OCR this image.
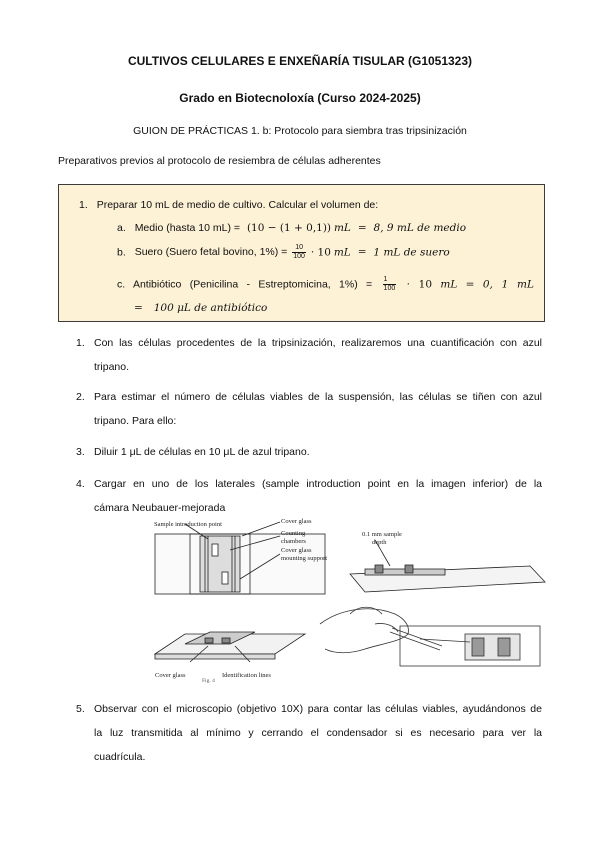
CULTIVOS CELULARES E ENXEÑARÍA TISULAR (G1051323)
Grado en Biotecnoloxía (Curso 2024-2025)
GUION DE PRÁCTICAS 1. b: Protocolo para siembra tras tripsinización
Preparativos previos al protocolo de resiembra de células adherentes
1. Preparar 10 mL de medio de cultivo. Calcular el volumen de:
a. Medio (hasta 10 mL) = (10 − (1 + 0,1)) mL = 8, 9 mL de medio
b. Suero (Suero fetal bovino, $1\%) = \frac{10}{100} \cdot 10$ mL = 1 mL de suero
c. Antibiótico (Penicilina - Estreptomicina, $1\%) = \frac{1}{100} \cdot 10$ mL = 0, 1 mL
= 100 μL de antibiótico
1. Con las células procedentes de la tripsinización, realizaremos una cuantificación con azul
tripano.
2. Para estimar el número de células viables de la suspensión, las células se tiñen con azul
tripano. Para ello:
3. Diluir 1 μL de células en 10 μL de azul tripano.
4. Cargar en uno de los laterales (sample introduction point en la imagen inferior) de la
cámara Neubauer-mejorada
Sample introduction point	Cover glass
Counting
chambers
Cover glass
mounting support
0.1 mm sample
depth
Cover glass	Identification lines
Fig. 4
5. Observar con el microscopio (objetivo 10X) para contar las células viables, ayudándonos de
la luz transmitida al mínimo y cerrando el condensador si es necesario para ver la
cuadrícula.
